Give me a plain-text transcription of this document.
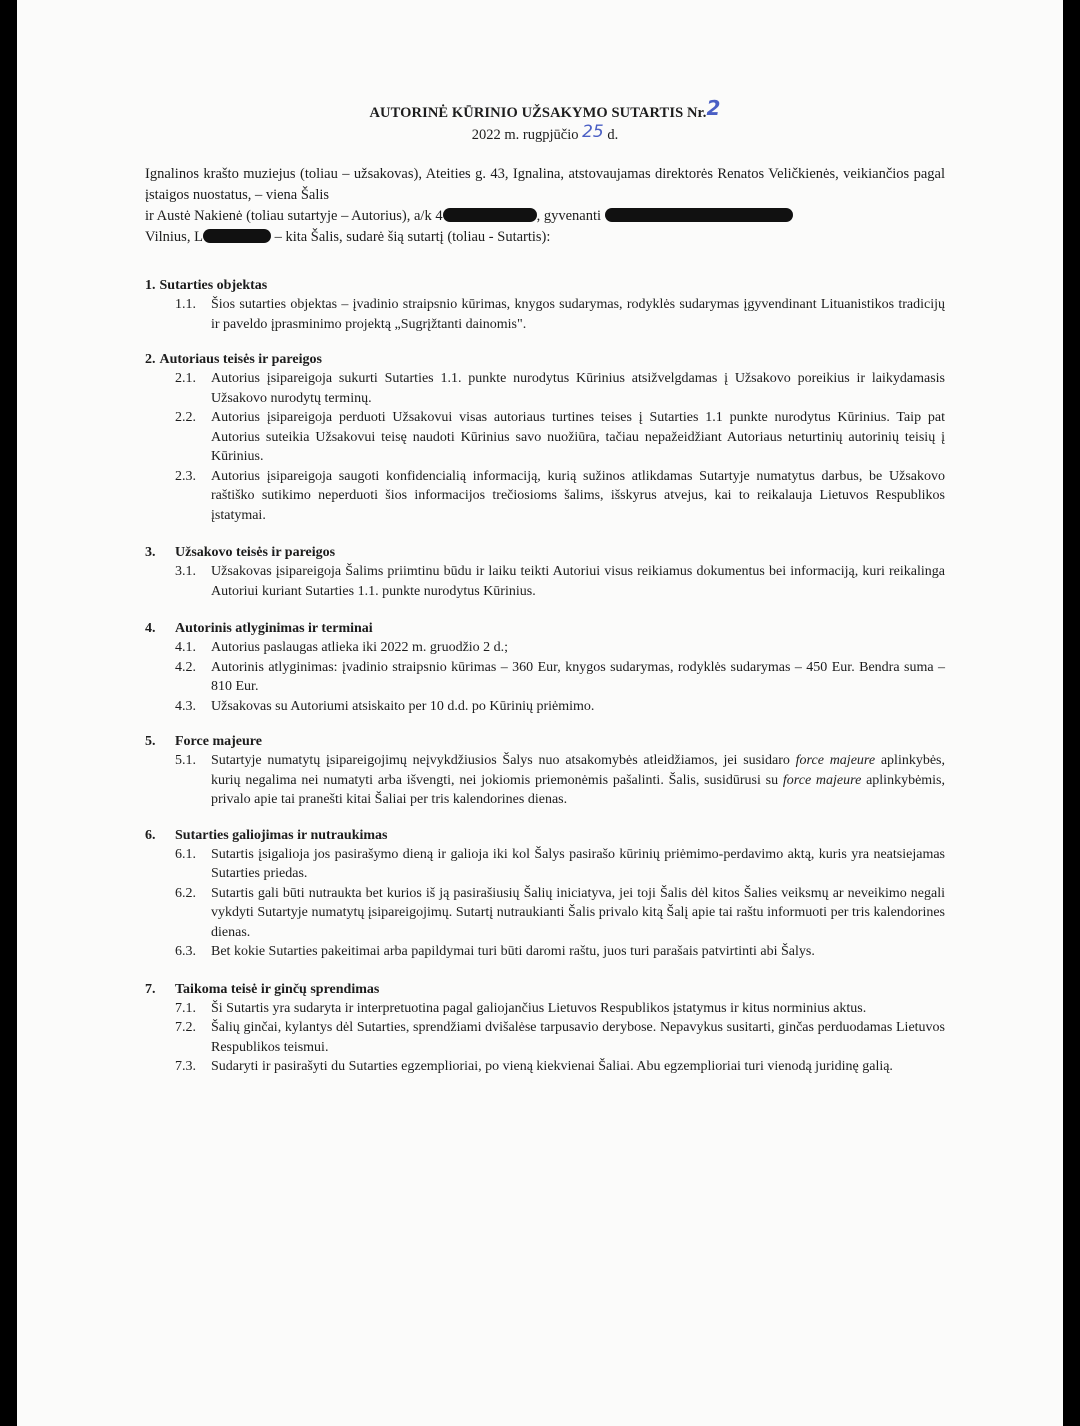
AUTORINĖ KŪRINIO UŽSAKYMO SUTARTIS Nr.2

2022 m. rugpjūčio 25 d.

Ignalinos krašto muziejus (toliau – užsakovas), Ateities g. 43, Ignalina, atstovaujamas direktorės Renatos Veličkienės, veikiančios pagal įstaigos nuostatus, – viena Šalis
ir Austė Nakienė (toliau sutartyje – Autorius), a/k 4	, gyvenanti
Vilnius, L	– kita Šalis, sudarė šią sutartį (toliau - Sutartis):
1. Sutarties objektas
1.1.	Šios sutarties objektas – įvadinio straipsnio kūrimas, knygos sudarymas, rodyklės sudarymas įgyvendinant Lituanistikos tradicijų ir paveldo įprasminimo projektą „Sugrįžtanti dainomis".
2. Autoriaus teisės ir pareigos
2.1.	Autorius įsipareigoja sukurti Sutarties 1.1. punkte nurodytus Kūrinius atsižvelgdamas į Užsakovo poreikius ir laikydamasis Užsakovo nurodytų terminų.
2.2.	Autorius įsipareigoja perduoti Užsakovui visas autoriaus turtines teises į Sutarties 1.1 punkte nurodytus Kūrinius. Taip pat Autorius suteikia Užsakovui teisę naudoti Kūrinius savo nuožiūra, tačiau nepažeidžiant Autoriaus neturtinių autorinių teisių į Kūrinius.
2.3.	Autorius įsipareigoja saugoti konfidencialią informaciją, kurią sužinos atlikdamas Sutartyje numatytus darbus, be Užsakovo raštiško sutikimo neperduoti šios informacijos trečiosioms šalims, išskyrus atvejus, kai to reikalauja Lietuvos Respublikos įstatymai.
3.	Užsakovo teisės ir pareigos
3.1.	Užsakovas įsipareigoja Šalims priimtinu būdu ir laiku teikti Autoriui visus reikiamus dokumentus bei informaciją, kuri reikalinga Autoriui kuriant Sutarties 1.1. punkte nurodytus Kūrinius.
4.	Autorinis atlyginimas ir terminai
4.1.	Autorius paslaugas atlieka iki 2022 m. gruodžio 2 d.;
4.2.	Autorinis atlyginimas: įvadinio straipsnio kūrimas – 360 Eur, knygos sudarymas, rodyklės sudarymas – 450 Eur. Bendra suma – 810 Eur.
4.3.	Užsakovas su Autoriumi atsiskaito per 10 d.d. po Kūrinių priėmimo.
5.	Force majeure
5.1.	Sutartyje numatytų įsipareigojimų neįvykdžiusios Šalys nuo atsakomybės atleidžiamos, jei susidaro force majeure aplinkybės, kurių negalima nei numatyti arba išvengti, nei jokiomis priemonėmis pašalinti. Šalis, susidūrusi su force majeure aplinkybėmis, privalo apie tai pranešti kitai Šaliai per tris kalendorines dienas.
6.	Sutarties galiojimas ir nutraukimas
6.1.	Sutartis įsigalioja jos pasirašymo dieną ir galioja iki kol Šalys pasirašo kūrinių priėmimo-perdavimo aktą, kuris yra neatsiejamas Sutarties priedas.
6.2.	Sutartis gali būti nutraukta bet kurios iš ją pasirašiusių Šalių iniciatyva, jei toji Šalis dėl kitos Šalies veiksmų ar neveikimo negali vykdyti Sutartyje numatytų įsipareigojimų. Sutartį nutraukianti Šalis privalo kitą Šalį apie tai raštu informuoti per tris kalendorines dienas.
6.3.	Bet kokie Sutarties pakeitimai arba papildymai turi būti daromi raštu, juos turi parašais patvirtinti abi Šalys.
7.	Taikoma teisė ir ginčų sprendimas
7.1.	Ši Sutartis yra sudaryta ir interpretuotina pagal galiojančius Lietuvos Respublikos įstatymus ir kitus norminius aktus.
7.2.	Šalių ginčai, kylantys dėl Sutarties, sprendžiami dvišalėse tarpusavio derybose. Nepavykus susitarti, ginčas perduodamas Lietuvos Respublikos teismui.
7.3.	Sudaryti ir pasirašyti du Sutarties egzemplioriai, po vieną kiekvienai Šaliai. Abu egzemplioriai turi vienodą juridinę galią.
